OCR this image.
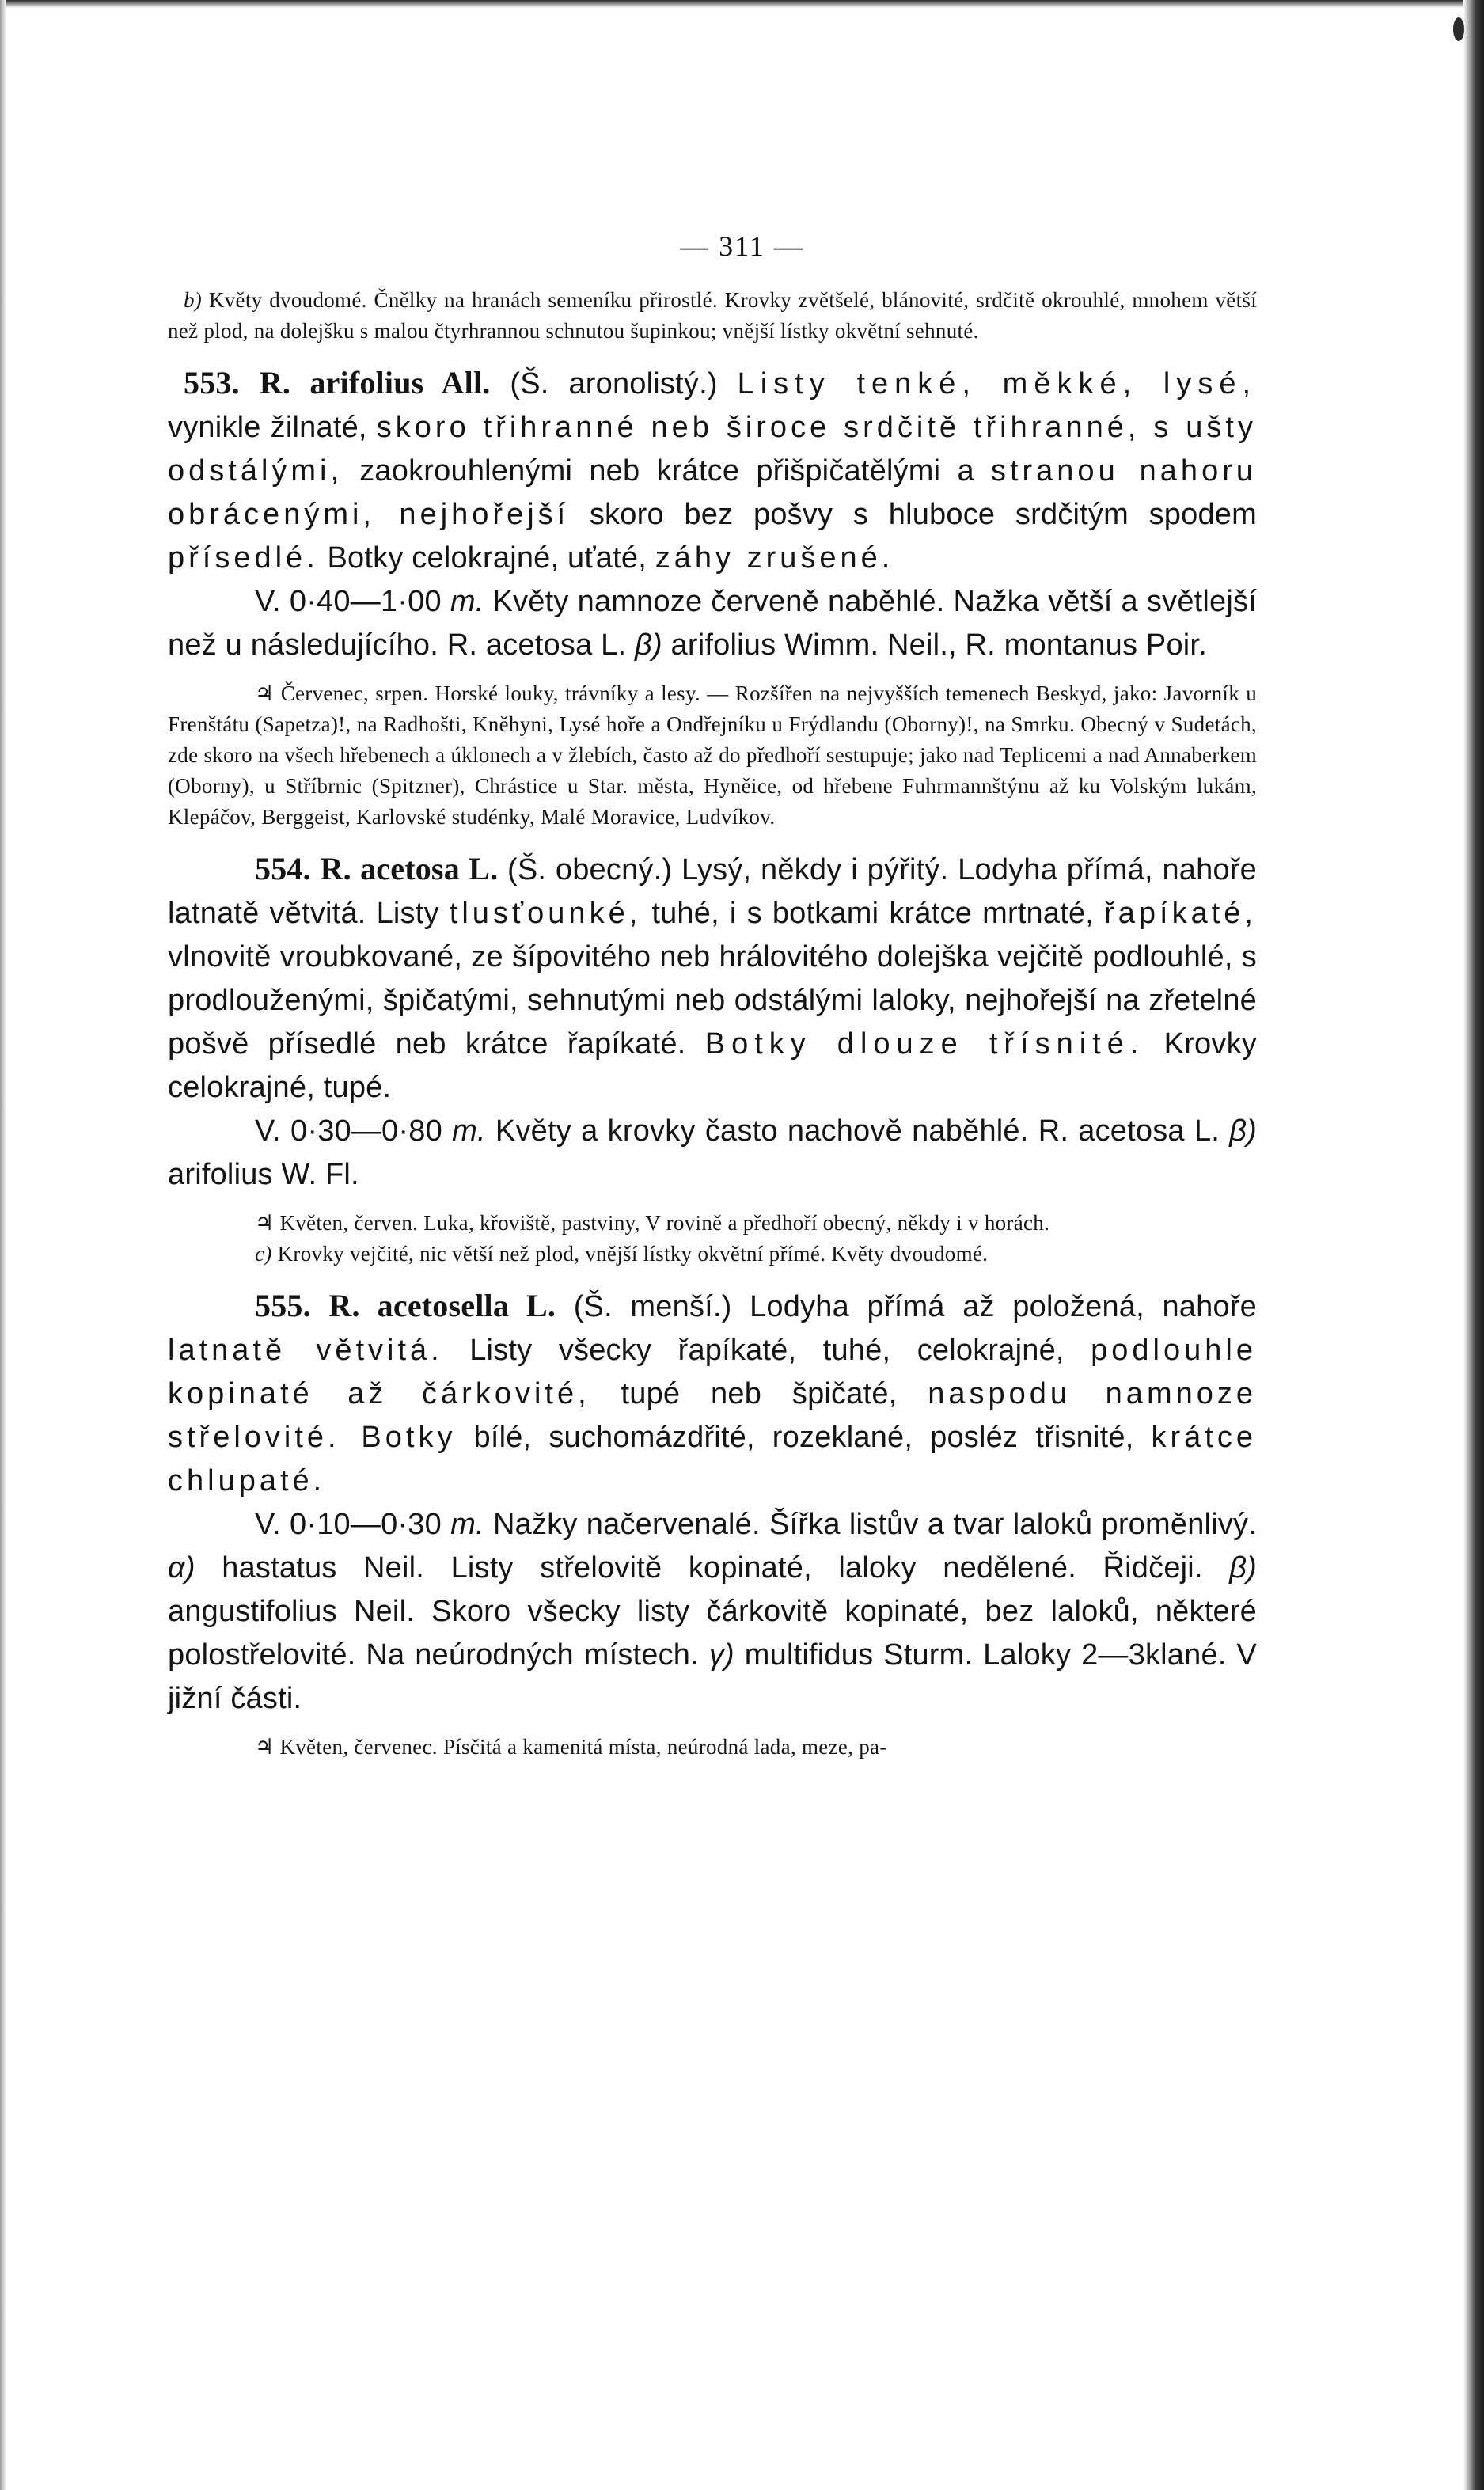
— 311 —

b) Květy dvoudomé. Čnělky na hranách semeníku přirostlé. Krovky zvětšelé, blánovité, srdčitě okrouhlé, mnohem větší než plod, na dolejšku s malou čtyrhrannou schnutou šupinkou; vnější lístky okvětní sehnuté.

553. R. arifolius All. (Š. aronolistý.) Listy tenké, měkké, lysé, vynikle žilnaté, skoro třihranné neb široce srdčitě třihranné, s ušty odstálými, zaokrouhlenými neb krátce přišpičatělými a stranou nahoru obrácenými, nejhořejší skoro bez pošvy s hluboce srdčitým spodem přísedlé. Botky celokrajné, uťaté, záhy zrušené.

V. 0·40—1·00 m. Květy namnoze červeně naběhlé. Nažka větší a světlejší než u následujícího. R. acetosa L. β) arifolius Wimm. Neil., R. montanus Poir.

♃ Červenec, srpen. Horské louky, trávníky a lesy. — Rozšířen na nejvyšších temenech Beskyd, jako: Javorník u Frenštátu (Sapetza)!, na Radhošti, Kněhyni, Lysé hoře a Ondřejníku u Frýdlandu (Oborny)!, na Smrku. Obecný v Sudetách, zde skoro na všech hřebenech a úklonech a v žlebích, často až do předhoří sestupuje; jako nad Teplicemi a nad Annaberkem (Oborny), u Stříbrnic (Spitzner), Chrástice u Star. města, Hyněice, od hřebene Fuhrmannštýnu až ku Volským lukám, Klepáčov, Berggeist, Karlovské studénky, Malé Moravice, Ludvíkov.

554. R. acetosa L. (Š. obecný.) Lysý, někdy i pýřitý. Lodyha přímá, nahoře latnatě větvitá. Listy tlusťounké, tuhé, i s botkami krátce mrtnaté, řapíkaté, vlnovitě vroubkované, ze šípovitého neb hrálovitého dolejška vejčitě podlouhlé, s prodlouženými, špičatými, sehnutými neb odstálými laloky, nejhořejší na zřetelné pošvě přísedlé neb krátce řapíkaté. Botky dlouze třísnité. Krovky celokrajné, tupé.

V. 0·30—0·80 m. Květy a krovky často nachově naběhlé. R. acetosa L. β) arifolius W. Fl.

♃ Květen, červen. Luka, křoviště, pastviny, V rovině a předhoří obecný, někdy i v horách.

c) Krovky vejčité, nic větší než plod, vnější lístky okvětní přímé. Květy dvoudomé.

555. R. acetosella L. (Š. menší.) Lodyha přímá až položená, nahoře latnatě větvitá. Listy všecky řapíkaté, tuhé, celokrajné, podlouhle kopinaté až čárkovité, tupé neb špičaté, naspodu namnoze střelovité. Botky bílé, suchomázdřité, rozeklané, posléz třisnité, krátce chlupaté.

V. 0·10—0·30 m. Nažky načervenalé. Šířka listův a tvar laloků proměnlivý. α) hastatus Neil. Listy střelovitě kopinaté, laloky nedělené. Řidčeji. β) angustifolius Neil. Skoro všecky listy čárkovitě kopinaté, bez laloků, některé polostřelovité. Na neúrodných místech. γ) multifidus Sturm. Laloky 2—3klané. V jižní části.

♃ Květen, červenec. Písčitá a kamenitá místa, neúrodná lada, meze, pa-
